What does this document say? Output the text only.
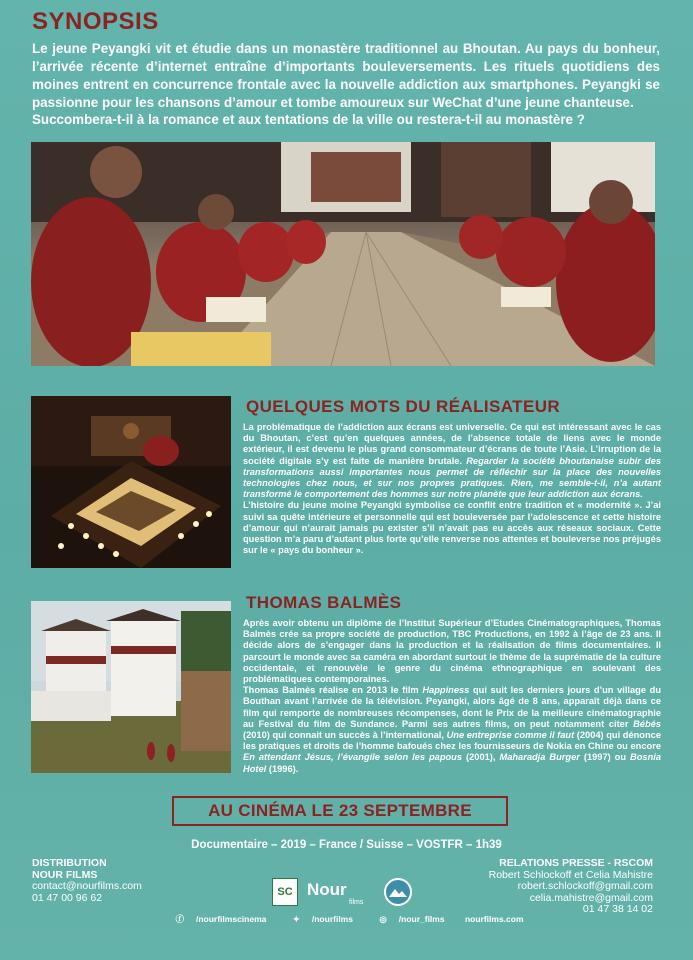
SYNOPSIS

Le jeune Peyangki vit et étudie dans un monastère traditionnel au Bhoutan. Au pays du bonheur, l’arrivée récente d’internet entraîne d’importants bouleversements. Les rituels quotidiens des moines entrent en concurrence frontale avec la nouvelle addiction aux smartphones. Peyangki se passionne pour les chansons d’amour et tombe amoureux sur WeChat d’une jeune chanteuse.

Succombera-t-il à la romance et aux tentations de la ville ou restera-t-il au monastère ?

QUELQUES MOTS DU RÉALISATEUR

La problématique de l’addiction aux écrans est universelle. Ce qui est intéressant avec le cas du Bhoutan, c’est qu’en quelques années, de l’absence totale de liens avec le monde extérieur, il est devenu le plus grand consommateur d’écrans de toute l’Asie. L’irruption de la société digitale s’y est faite de manière brutale. Regarder la société bhoutanaise subir des transformations aussi importantes nous permet de réfléchir sur la place des nouvelles technologies chez nous, et sur nos propres pratiques. Rien, me semble-t-il, n’a autant transformé le comportement des hommes sur notre planète que leur addiction aux écrans.

L’histoire du jeune moine Peyangki symbolise ce conflit entre tradition et « modernité ». J’ai suivi sa quête intérieure et personnelle qui est bouleversée par l’adolescence et cette histoire d’amour qui n’aurait jamais pu exister s’il n’avait pas eu accès aux réseaux sociaux. Cette question m’a paru d’autant plus forte qu’elle renverse nos attentes et bouleverse nos préjugés sur le « pays du bonheur ».

THOMAS BALMÈS

Après avoir obtenu un diplôme de l’Institut Supérieur d’Etudes Cinématographiques, Thomas Balmès crée sa propre société de production, TBC Productions, en 1992 à l’âge de 23 ans. Il décide alors de s’engager dans la production et la réalisation de films documentaires. Il parcourt le monde avec sa caméra en abordant surtout le thème de la suprématie de la culture occidentale, et renouvèle le genre du cinéma ethnographique en soulevant des problématiques contemporaines.

Thomas Balmès réalise en 2013 le film Happiness qui suit les derniers jours d’un village du Bouthan avant l’arrivée de la télévision. Peyangki, alors âgé de 8 ans, apparaît déjà dans ce film qui remporte de nombreuses récompenses, dont le Prix de la meilleure cinématographie au Festival du film de Sundance. Parmi ses autres films, on peut notamment citer Bébés (2010) qui connait un succès à l’international, Une entreprise comme il faut (2004) qui dénonce les pratiques et droits de l’homme bafoués chez les fournisseurs de Nokia en Chine ou encore En attendant Jésus, l’évangile selon les papous (2001), Maharadja Burger (1997) ou Bosnia Hotel (1996).

AU CINÉMA LE 23 SEPTEMBRE
Documentaire – 2019 – France / Suisse – VOSTFR – 1h39
DISTRIBUTION
NOUR FILMS
contact@nourfilms.com
01 47 00 96 62	SC Nour
films
RELATIONS PRESSE - RSCOM
Robert Schlockoff et Celia Mahistre
robert.schlockoff@gmail.com
celia.mahistre@gmail.com
01 47 38 14 02
ⓕ /nourfilmscinema	✦ /nourfilms	◎ /nour_films nourfilms.com
